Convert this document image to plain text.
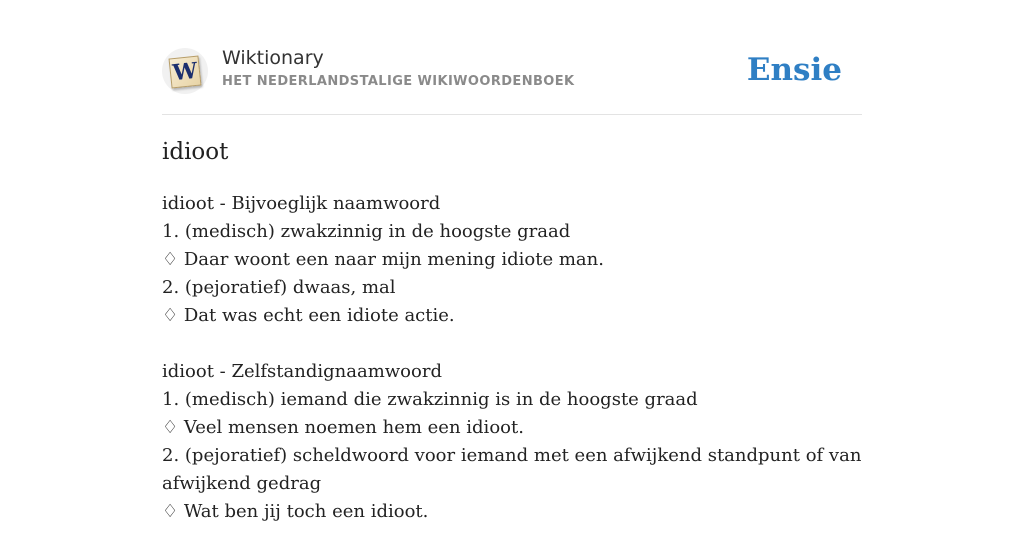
W Wiktionary
HET NEDERLANDSTALIGE WIKIWOORDENBOEK	Ensie
idioot
idioot - Bijvoeglijk naamwoord
1. (medisch) zwakzinnig in de hoogste graad
♢ Daar woont een naar mijn mening idiote man.
2. (pejoratief) dwaas, mal
♢ Dat was echt een idiote actie.
idioot - Zelfstandignaamwoord
1. (medisch) iemand die zwakzinnig is in de hoogste graad
♢ Veel mensen noemen hem een idioot.
2. (pejoratief) scheldwoord voor iemand met een afwijkend standpunt of van afwijkend gedrag
♢ Wat ben jij toch een idioot.
